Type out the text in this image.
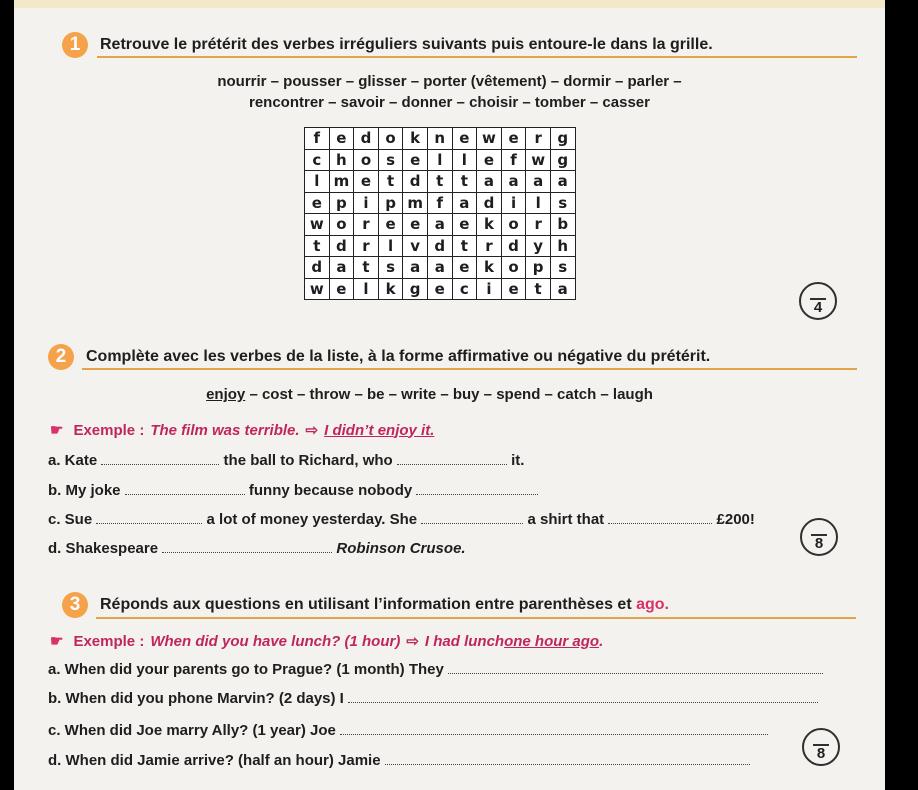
1	Retrouve le prétérit des verbes irréguliers suivants puis entoure-le dans la grille.
nourrir – pousser – glisser – porter (vêtement) – dormir – parler –
rencontrer – savoir – donner – choisir – tomber – casser
f	e	d	o	k	n	e	w	e	r	g
c	h	o	s	e	l	l	e	f	w	g
l	m	e	t	d	t	t	a	a	a	a
e	p	i	p	m	f	a	d	i	l	s
w	o	r	e	e	a	e	k	o	r	b
t	d	r	l	v	d	t	r	d	y	h
d	a	t	s	a	a	e	k	o	p	s
w	e	l	k	g	e	c	i	e	t	a
4
2	Complète avec les verbes de la liste, à la forme affirmative ou négative du prétérit.
enjoy – cost – throw – be – write – buy – spend – catch – laugh
☛ Exemple : The film was terrible. ⇨ I didn’t enjoy it.
a. Kate	the ball to Richard, who	it.
b. My joke	funny because nobody
c. Sue	a lot of money yesterday. She	a shirt that	£200!
d. Shakespeare	Robinson Crusoe.	8
3	Réponds aux questions en utilisant l’information entre parenthèses et ago.
☛ Exemple : When did you have lunch? (1 hour) ⇨ I had lunch one hour ago .
a. When did your parents go to Prague? (1 month) They
b. When did you phone Marvin? (2 days) I
c. When did Joe marry Ally? (1 year) Joe
d. When did Jamie arrive? (half an hour) Jamie	8
